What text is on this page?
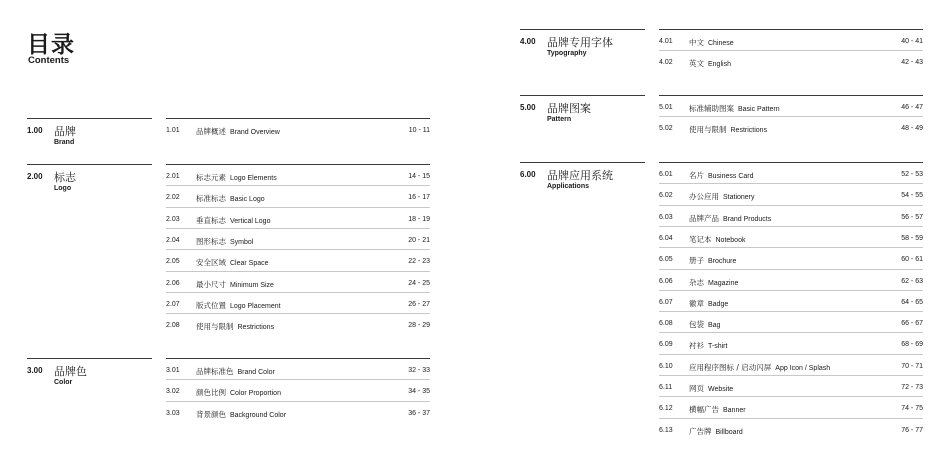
目录
Contents
1.00 品牌
Brand
1.01 品牌概述 Brand Overview	10 - 11
2.00 标志
Logo
2.01 标志元素 Logo Elements	14 - 15
2.02 标准标志 Basic Logo	16 - 17
2.03 垂直标志 Vertical Logo	18 - 19
2.04 图形标志 Symbol	20 - 21
2.05 安全区域 Clear Space	22 - 23
2.06 最小尺寸 Minimum Size	24 - 25
2.07 版式位置 Logo Placement	26 - 27
2.08 使用与限制 Restrictions	28 - 29
3.00 品牌色
Color
3.01 品牌标准色 Brand Color	32 - 33
3.02 颜色比例 Color Proportion	34 - 35
3.03 背景颜色 Background Color	36 - 37
4.00 品牌专用字体
Typography
4.01 中文 Chinese	40 - 41
4.02 英文 English	42 - 43
5.00 品牌图案
Pattern
5.01 标准辅助图案 Basic Pattern	46 - 47
5.02 使用与限制 Restrictions	48 - 49
6.00 品牌应用系统
Applications
6.01 名片 Business Card	52 - 53
6.02 办公应用 Stationery	54 - 55
6.03 品牌产品 Brand Products	56 - 57
6.04 笔记本 Notebook	58 - 59
6.05 册子 Brochure	60 - 61
6.06 杂志 Magazine	62 - 63
6.07 徽章 Badge	64 - 65
6.08 包袋 Bag	66 - 67
6.09 衬衫 T-shirt	68 - 69
6.10 应用程序图标 / 启动闪屏 App Icon / Splash	70 - 71
6.11 网页 Website	72 - 73
6.12 横幅广告 Banner	74 - 75
6.13 广告牌 Billboard	76 - 77
